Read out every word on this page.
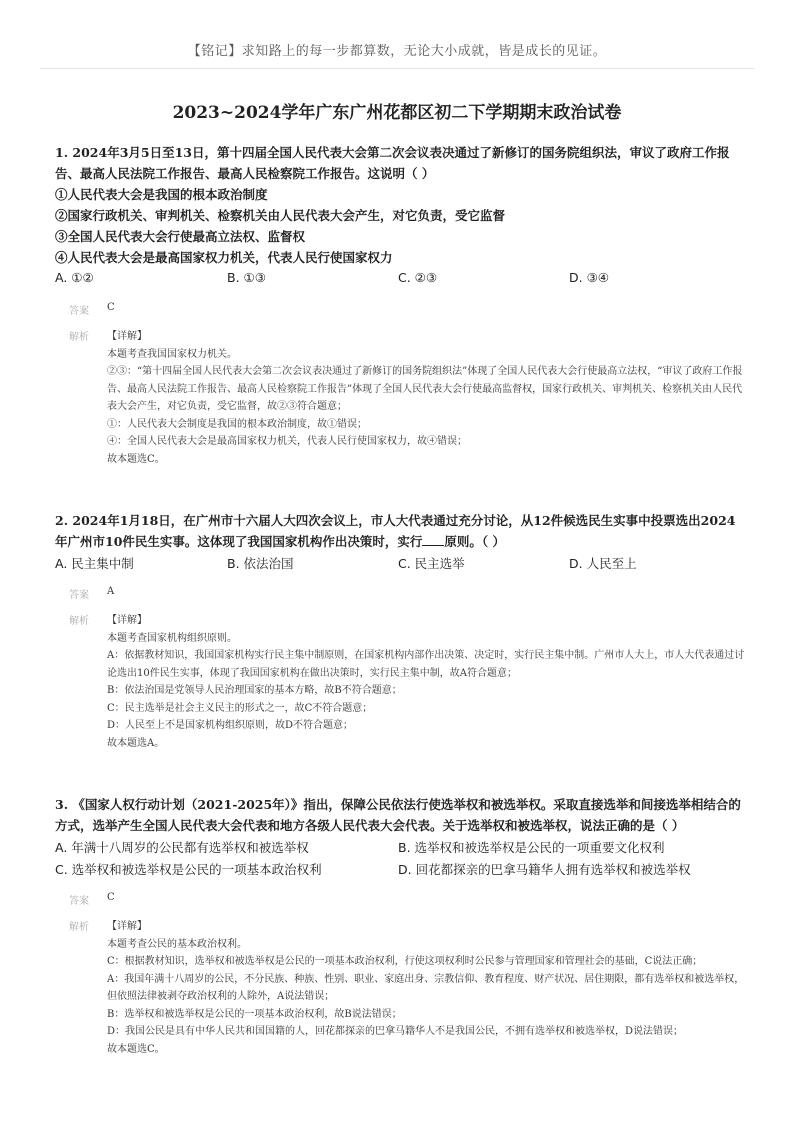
【铭记】求知路上的每一步都算数，无论大小成就，皆是成长的见证。
2023~2024学年广东广州花都区初二下学期期末政治试卷
1. 2024年3月5日至13日，第十四届全国人民代表大会第二次会议表决通过了新修订的国务院组织法，审议了政府工作报告、最高人民法院工作报告、最高人民检察院工作报告。这说明（ ）
①人民代表大会是我国的根本政治制度
②国家行政机关、审判机关、检察机关由人民代表大会产生，对它负责，受它监督
③全国人民代表大会行使最高立法权、监督权
④人民代表大会是最高国家权力机关，代表人民行使国家权力
A. ①②	B. ①③	C. ②③	D. ③④
答案 C
解析 【详解】
本题考查我国国家权力机关。
②③：“第十四届全国人民代表大会第二次会议表决通过了新修订的国务院组织法”体现了全国人民代表大会行使最高立法权，“审议了政府工作报告、最高人民法院工作报告、最高人民检察院工作报告”体现了全国人民代表大会行使最高监督权，国家行政机关、审判机关、检察机关由人民代表大会产生，对它负责，受它监督，故②③符合题意；
①：人民代表大会制度是我国的根本政治制度，故①错误；
④：全国人民代表大会是最高国家权力机关，代表人民行使国家权力，故④错误；
故本题选C。
2. 2024年1月18日，在广州市十六届人大四次会议上，市人大代表通过充分讨论，从12件候选民生实事中投票选出2024年广州市10件民生实事。这体现了我国国家机构作出决策时，实行 原则。（ ）
A. 民主集中制	B. 依法治国	C. 民主选举	D. 人民至上
答案 A
解析 【详解】
本题考查国家机构组织原则。
A：依据教材知识，我国国家机构实行民主集中制原则，在国家机构内部作出决策、决定时，实行民主集中制。广州市人大上，市人大代表通过讨论选出10件民生实事，体现了我国国家机构在做出决策时，实行民主集中制，故A符合题意；
B：依法治国是党领导人民治理国家的基本方略，故B不符合题意；
C：民主选举是社会主义民主的形式之一，故C不符合题意；
D：人民至上不是国家机构组织原则，故D不符合题意；
故本题选A。
3. 《国家人权行动计划（2021-2025年）》指出，保障公民依法行使选举权和被选举权。采取直接选举和间接选举相结合的方式，选举产生全国人民代表大会代表和地方各级人民代表大会代表。关于选举权和被选举权，说法正确的是（ ）
A. 年满十八周岁的公民都有选举权和被选举权	B. 选举权和被选举权是公民的一项重要文化权利
C. 选举权和被选举权是公民的一项基本政治权利	D. 回花都探亲的巴拿马籍华人拥有选举权和被选举权
答案 C
解析 【详解】
本题考查公民的基本政治权利。
C：根据教材知识，选举权和被选举权是公民的一项基本政治权利，行使这项权利时公民参与管理国家和管理社会的基础，C说法正确；
A：我国年满十八周岁的公民，不分民族、种族、性别、职业、家庭出身、宗教信仰、教育程度、财产状况、居住期限，都有选举权和被选举权，但依照法律被剥夺政治权利的人除外，A说法错误；
B：选举权和被选举权是公民的一项基本政治权利，故B说法错误；
D：我国公民是具有中华人民共和国国籍的人，回花都探亲的巴拿马籍华人不是我国公民，不拥有选举权和被选举权，D说法错误；
故本题选C。
